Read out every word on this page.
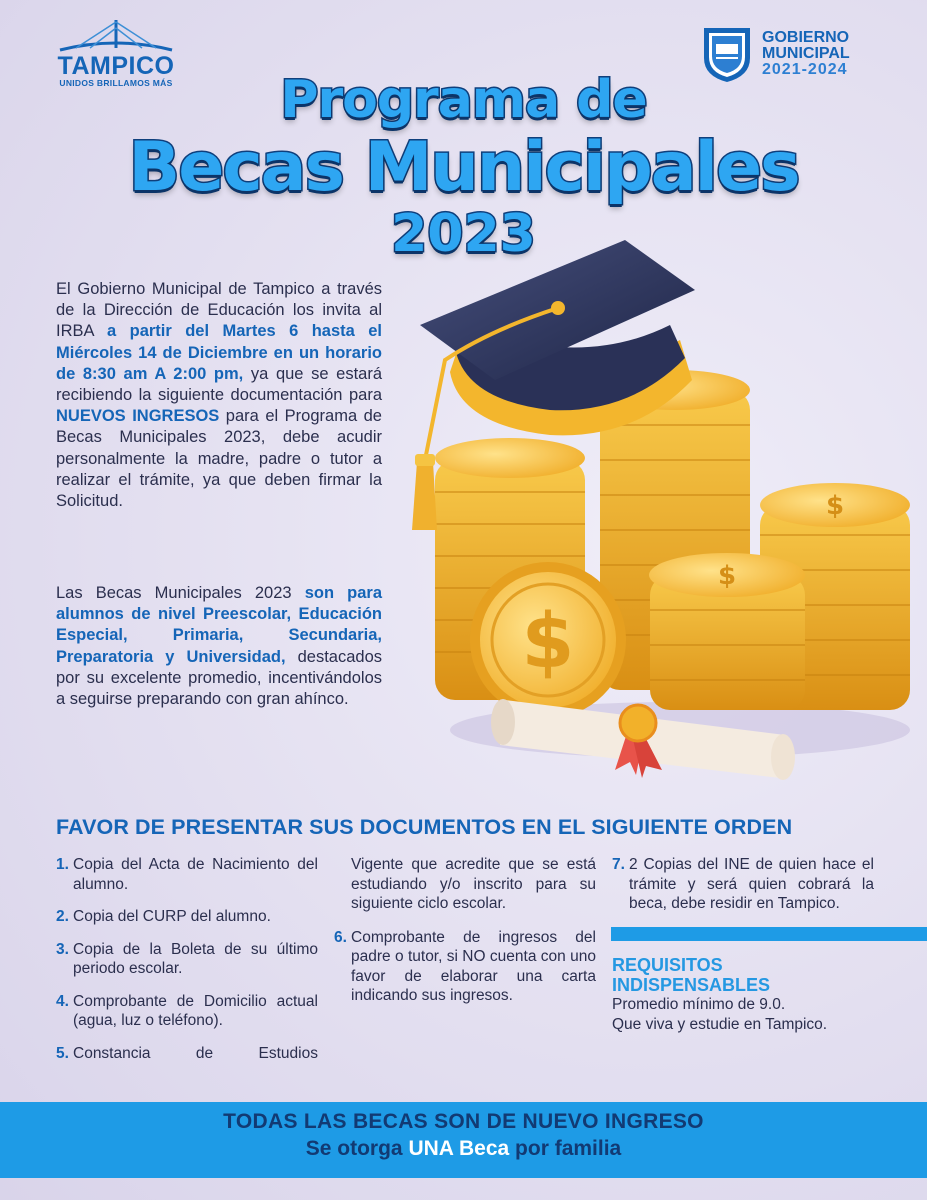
TAMPICO
UNIDOS BRILLAMOS MÁS
GOBIERNO
MUNICIPAL
2021-2024
Programa de
Becas Municipales
2023

El Gobierno Municipal de Tampico a través de la Dirección de Educación los invita al IRBA a partir del Martes 6 hasta el Miércoles 14 de Diciembre en un horario de 8:30 am A 2:00 pm, ya que se estará recibiendo la siguiente documentación para NUEVOS INGRESOS para el Programa de Becas Municipales 2023, debe acudir personalmente la madre, padre o tutor a realizar el trámite, ya que deben firmar la Solicitud.

Las Becas Municipales 2023 son para alumnos de nivel Preescolar, Educación Especial, Primaria, Secundaria, Preparatoria y Universidad, destacados por su excelente promedio, incentivándolos a seguirse preparando con gran ahínco.

$
$
$
FAVOR DE PRESENTAR SUS DOCUMENTOS EN EL SIGUIENTE ORDEN
1. Copia del Acta de Nacimiento del alumno.
2. Copia del CURP del alumno.
3. Copia de la Boleta de su último periodo escolar.
4. Comprobante de Domicilio actual (agua, luz o teléfono).
5. Constancia de Estudios
Vigente que acredite que se está estudiando y/o inscrito para su siguiente ciclo escolar.
6. Comprobante de ingresos del padre o tutor, si NO cuenta con uno favor de elaborar una carta indicando sus ingresos.
7. 2 Copias del INE de quien hace el trámite y será quien cobrará la beca, debe residir en Tampico.
REQUISITOS INDISPENSABLES
Promedio mínimo de 9.0.
Que viva y estudie en Tampico.
TODAS LAS BECAS SON DE NUEVO INGRESO
Se otorga UNA Beca por familia
